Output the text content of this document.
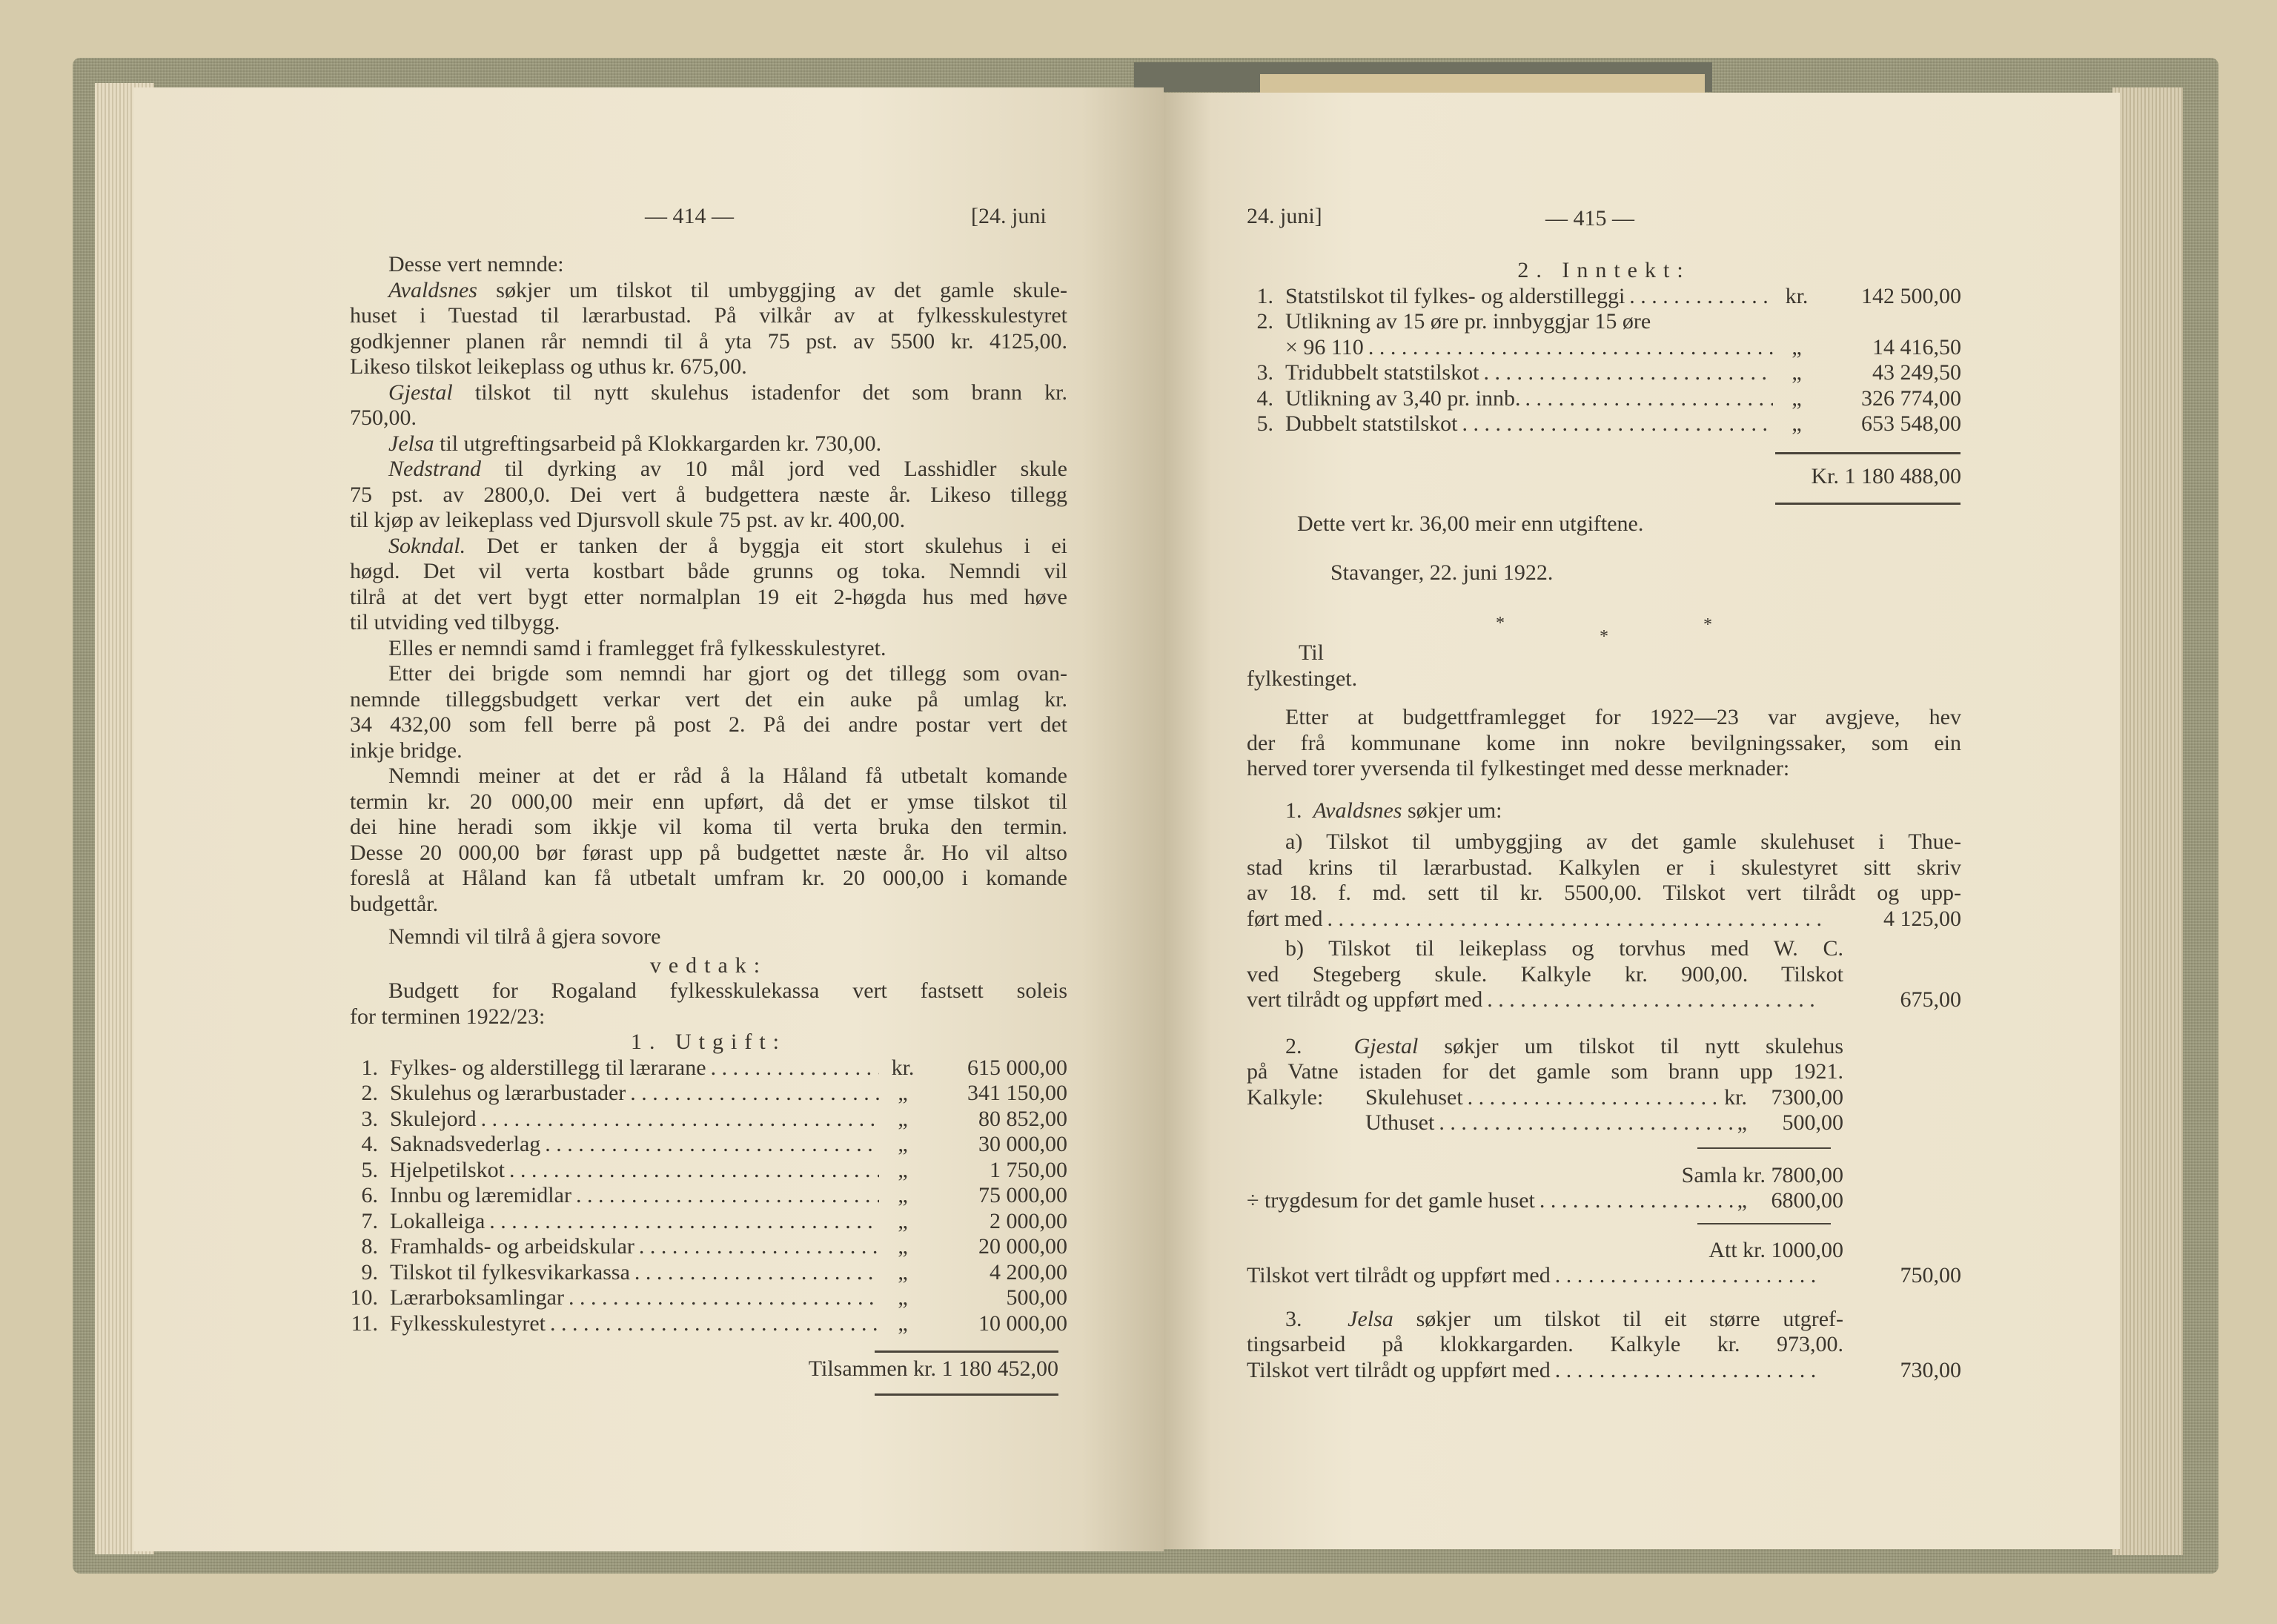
— 414 —	[24. juni
Desse vert nemnde:
Avaldsnes søkjer um tilskot til umbyggjing av det gamle skule-
huset i Tuestad til lærarbustad. På vilkår av at fylkesskulestyret
godkjenner planen rår nemndi til å yta 75 pst. av 5500 kr. 4125,00.
Likeso tilskot leikeplass og uthus kr. 675,00.
Gjestal tilskot til nytt skulehus istadenfor det som brann kr.
750,00.
Jelsa til utgreftingsarbeid på Klokkargarden kr. 730,00.
Nedstrand til dyrking av 10 mål jord ved Lasshidler skule
75 pst. av 2800,0. Dei vert å budgettera næste år. Likeso tillegg
til kjøp av leikeplass ved Djursvoll skule 75 pst. av kr. 400,00.
Sokndal. Det er tanken der å byggja eit stort skulehus i ei
høgd. Det vil verta kostbart både grunns og toka. Nemndi vil
tilrå at det vert bygt etter normalplan 19 eit 2-høgda hus med høve
til utviding ved tilbygg.
Elles er nemndi samd i framlegget frå fylkesskulestyret.
Etter dei brigde som nemndi har gjort og det tillegg som ovan-
nemnde tilleggsbudgett verkar vert det ein auke på umlag kr.
34 432,00 som fell berre på post 2. På dei andre postar vert det
inkje bridge.
Nemndi meiner at det er råd å la Håland få utbetalt komande
termin kr. 20 000,00 meir enn upført, då det er ymse tilskot til
dei hine heradi som ikkje vil koma til verta bruka den termin.
Desse 20 000,00 bør førast upp på budgettet næste år. Ho vil altso
foreslå at Håland kan få utbetalt umfram kr. 20 000,00 i komande
budgettår.
Nemndi vil tilrå å gjera sovore
vedtak:
Budgett for Rogaland fylkesskulekassa vert fastsett soleis
for terminen 1922/23:
1. Utgift:
1. Fylkes- og alderstillegg til lærarane . . .	kr.	615 000,00
2. Skulehus og lærarbustader . . .	„	341 150,00
3. Skulejord . . .	„	80 852,00
4. Saknadsvederlag . . .	„	30 000,00
5. Hjelpetilskot . . .	„	1 750,00
6. Innbu og læremidlar . . .	„	75 000,00
7. Lokalleiga . . .	„	2 000,00
8. Framhalds- og arbeidskular . . .	„	20 000,00
9. Tilskot til fylkesvikarkassa . . .	„	4 200,00
10. Lærarboksamlingar . . .	„	500,00
11. Fylkesskulestyret . . .	„	10 000,00
Tilsammen kr. 1 180 452,00
24. juni]	— 415 —
2. Inntekt:
1. Statstilskot til fylkes- og alderstilleggi . . .	kr.	142 500,00
2. Utlikning av 15 øre pr. innbyggjar 15 øre
× 96 110 . . .	„	14 416,50
3. Tridubbelt statstilskot . . .	„	43 249,50
4. Utlikning av 3,40 pr. innb. . . .	„	326 774,00
5. Dubbelt statstilskot . . .	„	653 548,00
Kr. 1 180 488,00
Dette vert kr. 36,00 meir enn utgiftene.
Stavanger, 22. juni 1922.
*
*
*
Til
fylkestinget.
Etter at budgettframlegget for 1922—23 var avgjeve, hev
der frå kommunane kome inn nokre bevilgningssaker, som ein
herved torer yversenda til fylkestinget med desse merknader:
1. Avaldsnes søkjer um:
a) Tilskot til umbyggjing av det gamle skulehuset i Thue-
stad krins til lærarbustad. Kalkylen er i skulestyret sitt skriv
av 18. f. md. sett til kr. 5500,00. Tilskot vert tilrådt og upp-
ført med . . .	4 125,00
b) Tilskot til leikeplass og torvhus med W. C.
ved Stegeberg skule. Kalkyle kr. 900,00. Tilskot
vert tilrådt og uppført med . . .	675,00
2. Gjestal søkjer um tilskot til nytt skulehus
på Vatne istaden for det gamle som brann upp 1921.
Kalkyle:	Skulehuset . . .	kr.	7300,00
Uthuset . . .	„	500,00
Samla kr. 7800,00
÷ trygdesum for det gamle huset . . .	„	6800,00
Att kr. 1000,00
Tilskot vert tilrådt og uppført med . . .	750,00
3. Jelsa søkjer um tilskot til eit større utgref-
tingsarbeid på klokkargarden. Kalkyle kr. 973,00.
Tilskot vert tilrådt og uppført med . . .	730,00
